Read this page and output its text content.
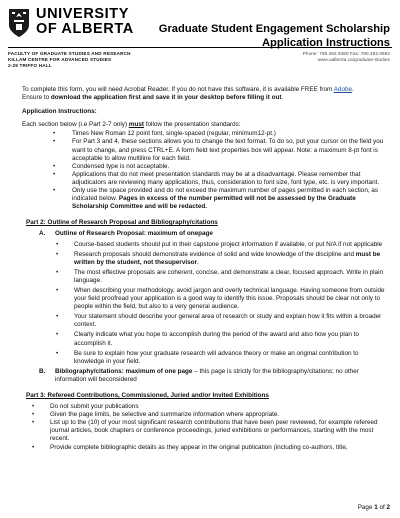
UNIVERSITY
OF ALBERTA Graduate Student Engagement Scholarship
Application Instructions
FACULTY OF GRADUATE STUDIES AND RESEARCH
KILLAM CENTRE FOR ADVANCED STUDIES
2-29 TRIFFO HALL
Phone: 780.492.9460 Fax: 780.492.0692
www.ualberta.ca/graduate-studies

To complete this form, you will need Acrobat Reader. If you do not have this software, it is available FREE from Adobe.
Ensure to download the application first and save it in your desktop before filling it out.

Application Instructions:

Each section below (i.e Part 2-7 only) must follow the presentation standards:

• Times New Roman 12 point font, single-spaced (regular, minimum12-pt.)
• For Part 3 and 4, these sections allows you to change the text format. To do so, put your cursor on the field you want to change, and press CTRL+E. A form field text properties box will appear. Note: a maximum 8-pt font is acceptable to allow multiline for each field.
• Condensed type is not acceptable.
• Applications that do not meet presentation standards may be at a disadvantage. Please remember that adjudicators are reviewing many applications, thus, consideration to font size, font type, etc. is very important.
• Only use the space provided and do not exceed the maximum number of pages permitted in each section, as indicated below. Pages in excess of the number permitted will not be assessed by the Graduate Scholarship Committee and will be redacted.
Part 2: Outline of Research Proposal and Bibliography/citations
A. Outline of Research Proposal: maximum of onepage
• Course-based students should put in their capstone project information if available, or put N/A if not applicable
• Research proposals should demonstrate evidence of solid and wide knowledge of the discipline and must be written by the student, not thesupervisor.
• The most effective proposals are coherent, concise, and demonstrate a clear, focused approach. Write in plain language.
• When describing your methodology, avoid jargon and overly technical language. Having someone from outside your field proofread your application is a good way to identify this issue. Proposals should be clear not only to people within the field, but also to a very general audience.
• Your statement should describe your general area of research or study and explain how it fits within a broader context.
• Clearly indicate what you hope to accomplish during the period of the award and also how you plan to accomplish it.
• Be sure to explain how your graduate research will advance theory or make an original contribution to knowledge in your field.
B. Bibliography/citations: maximum of one page – this page is strictly for the bibliography/citations; no other information will beconsidered
Part 3: Refereed Contributions, Commissioned, Juried and/or Invited Exhibitions
• Do not submit your publications
• Given the page limits, be selective and summarize information where appropriate.
• List up to the (10) of your most significant research contributions that have been peer reviewed, for example refereed journal articles, book chapters or conference proceedings, juried exhibitions or performances, starting with the most recent.
• Provide complete bibliographic details as they appear in the original publication (including co-authors, title,
Page 1 of 2
